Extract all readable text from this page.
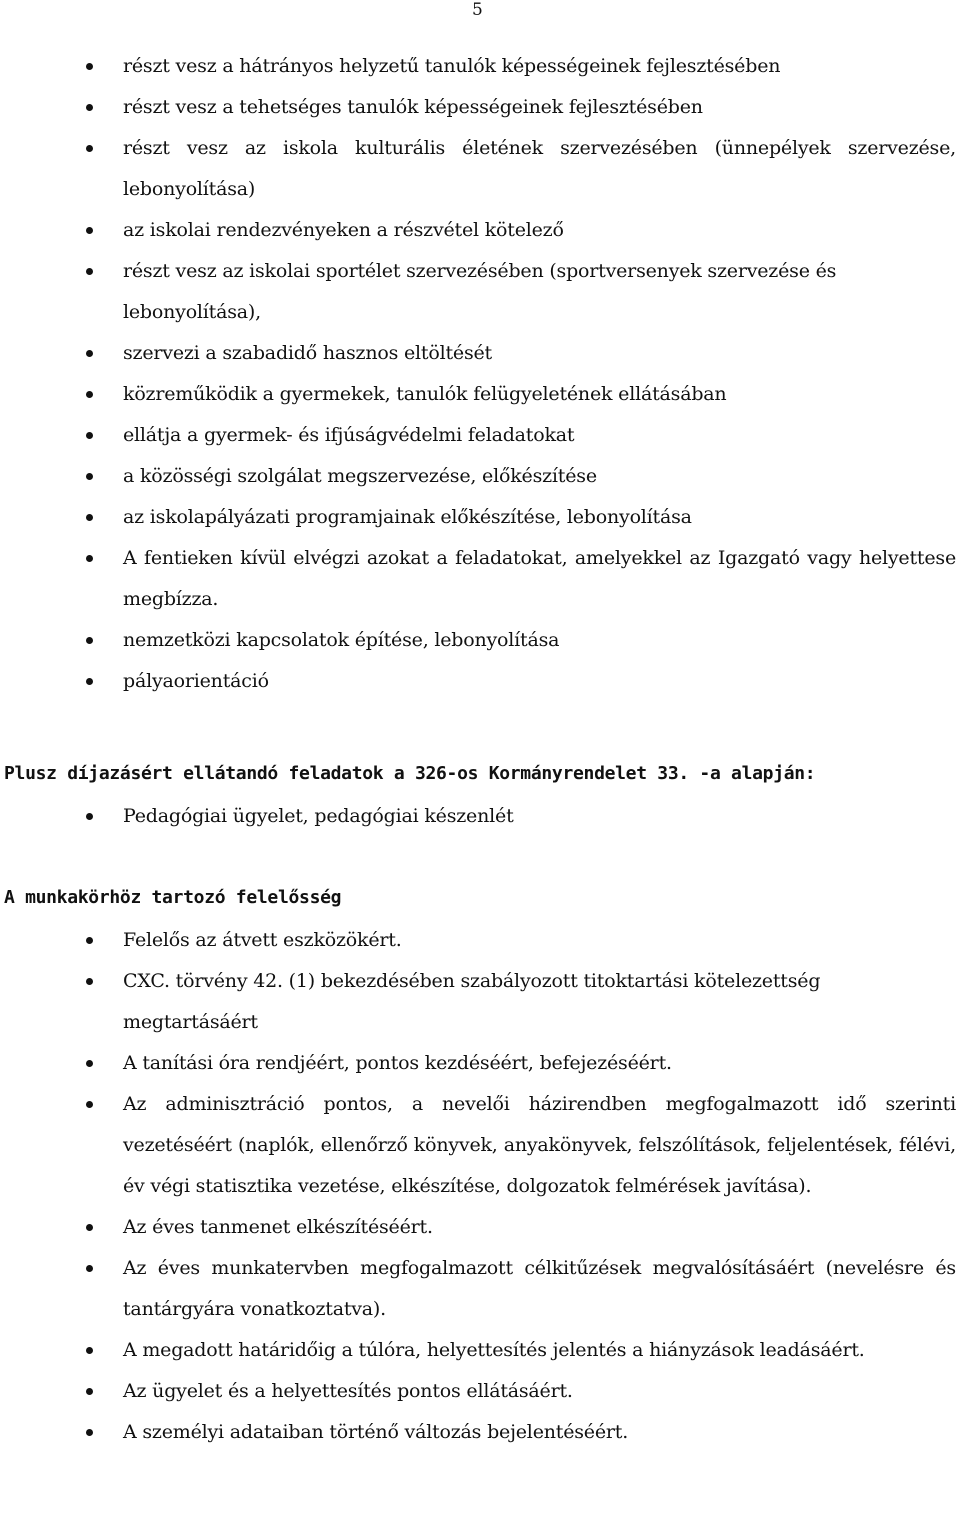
5
részt vesz a hátrányos helyzetű tanulók képességeinek fejlesztésében
részt vesz a tehetséges tanulók képességeinek fejlesztésében
részt vesz az iskola kulturális életének szervezésében (ünnepélyek szervezése, lebonyolítása)
az iskolai rendezvényeken a részvétel kötelező
részt vesz az iskolai sportélet szervezésében (sportversenyek szervezése és lebonyolítása),
szervezi a szabadidő hasznos eltöltését
közreműködik a gyermekek, tanulók felügyeletének ellátásában
ellátja a gyermek- és ifjúságvédelmi feladatokat
a közösségi szolgálat megszervezése, előkészítése
az iskolapályázati programjainak előkészítése, lebonyolítása
A fentieken kívül elvégzi azokat a feladatokat, amelyekkel az Igazgató vagy helyettese megbízza.
nemzetközi kapcsolatok építése, lebonyolítása
pályaorientáció
Plusz díjazásért ellátandó feladatok a 326-os Kormányrendelet 33. -a alapján:
Pedagógiai ügyelet, pedagógiai készenlét
A munkakörhöz tartozó felelősség
Felelős az átvett eszközökért.
CXC. törvény 42. (1) bekezdésében szabályozott titoktartási kötelezettség megtartásáért
A tanítási óra rendjéért, pontos kezdéséért, befejezéséért.
Az adminisztráció pontos, a nevelői házirendben megfogalmazott idő szerinti vezetéséért (naplók, ellenőrző könyvek, anyakönyvek, felszólítások, feljelentések, félévi, év végi statisztika vezetése, elkészítése, dolgozatok felmérések javítása).
Az éves tanmenet elkészítéséért.
Az éves munkatervben megfogalmazott célkitűzések megvalósításáért (nevelésre és tantárgyára vonatkoztatva).
A megadott határidőig a túlóra, helyettesítés jelentés a hiányzások leadásáért.
Az ügyelet és a helyettesítés pontos ellátásáért.
A személyi adataiban történő változás bejelentéséért.
